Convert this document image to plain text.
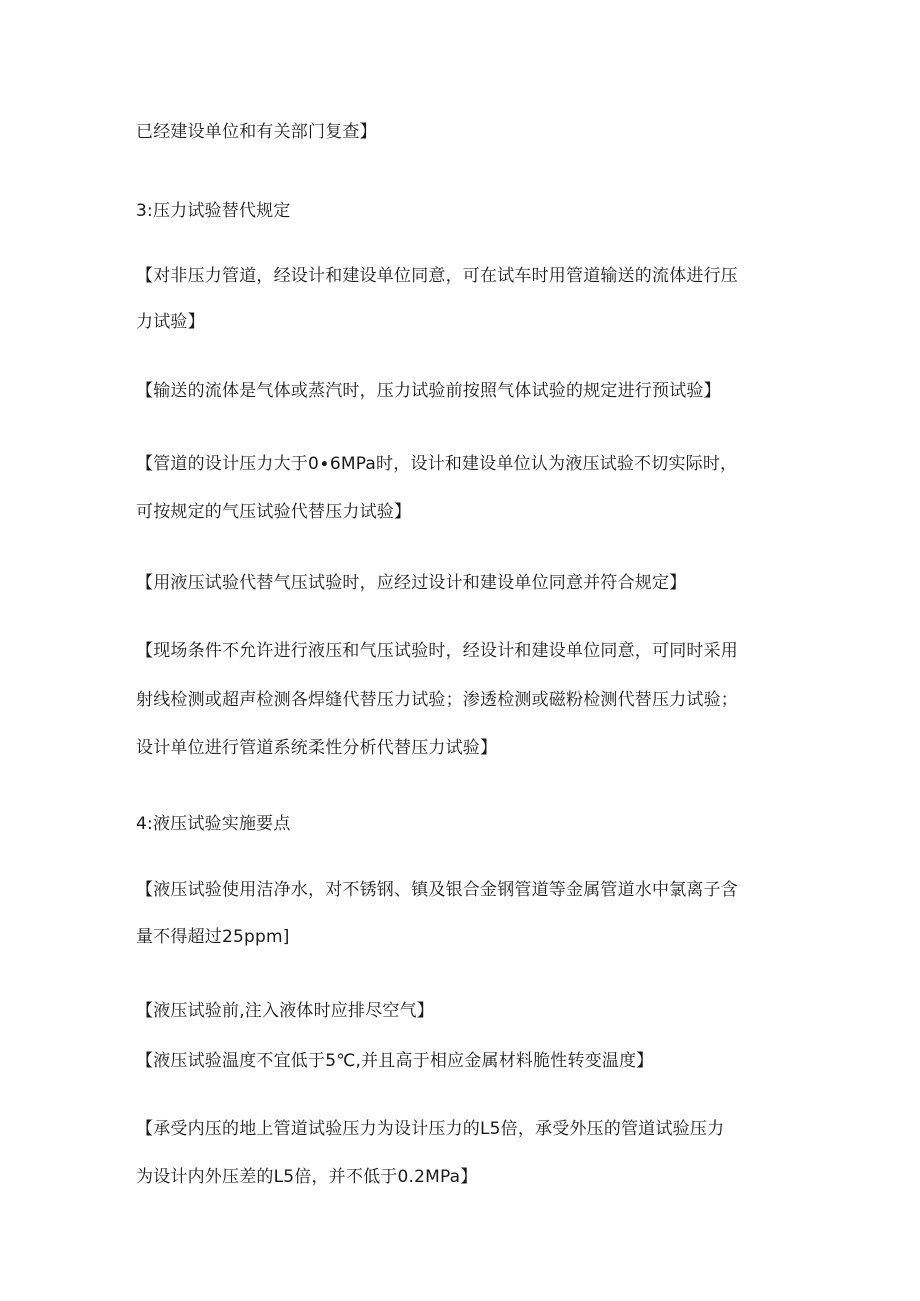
已经建设单位和有关部门复查】
3:压力试验替代规定
【对非压力管道，经设计和建设单位同意，可在试车时用管道输送的流体进行压
力试验】
【输送的流体是气体或蒸汽时，压力试验前按照气体试验的规定进行预试验】
【管道的设计压力大于0∙6MPa时，设计和建设单位认为液压试验不切实际时，
可按规定的气压试验代替压力试验】
【用液压试验代替气压试验时，应经过设计和建设单位同意并符合规定】
【现场条件不允许进行液压和气压试验时，经设计和建设单位同意，可同时采用
射线检测或超声检测各焊缝代替压力试验；渗透检测或磁粉检测代替压力试验；
设计单位进行管道系统柔性分析代替压力试验】
4:液压试验实施要点
【液压试验使用洁净水，对不锈钢、镇及银合金钢管道等金属管道水中氯离子含
量不得超过25ppm]
【液压试验前,注入液体时应排尽空气】
【液压试验温度不宜低于5℃,并且高于相应金属材料脆性转变温度】
【承受内压的地上管道试验压力为设计压力的L5倍，承受外压的管道试验压力
为设计内外压差的L5倍，并不低于0.2MPa】
